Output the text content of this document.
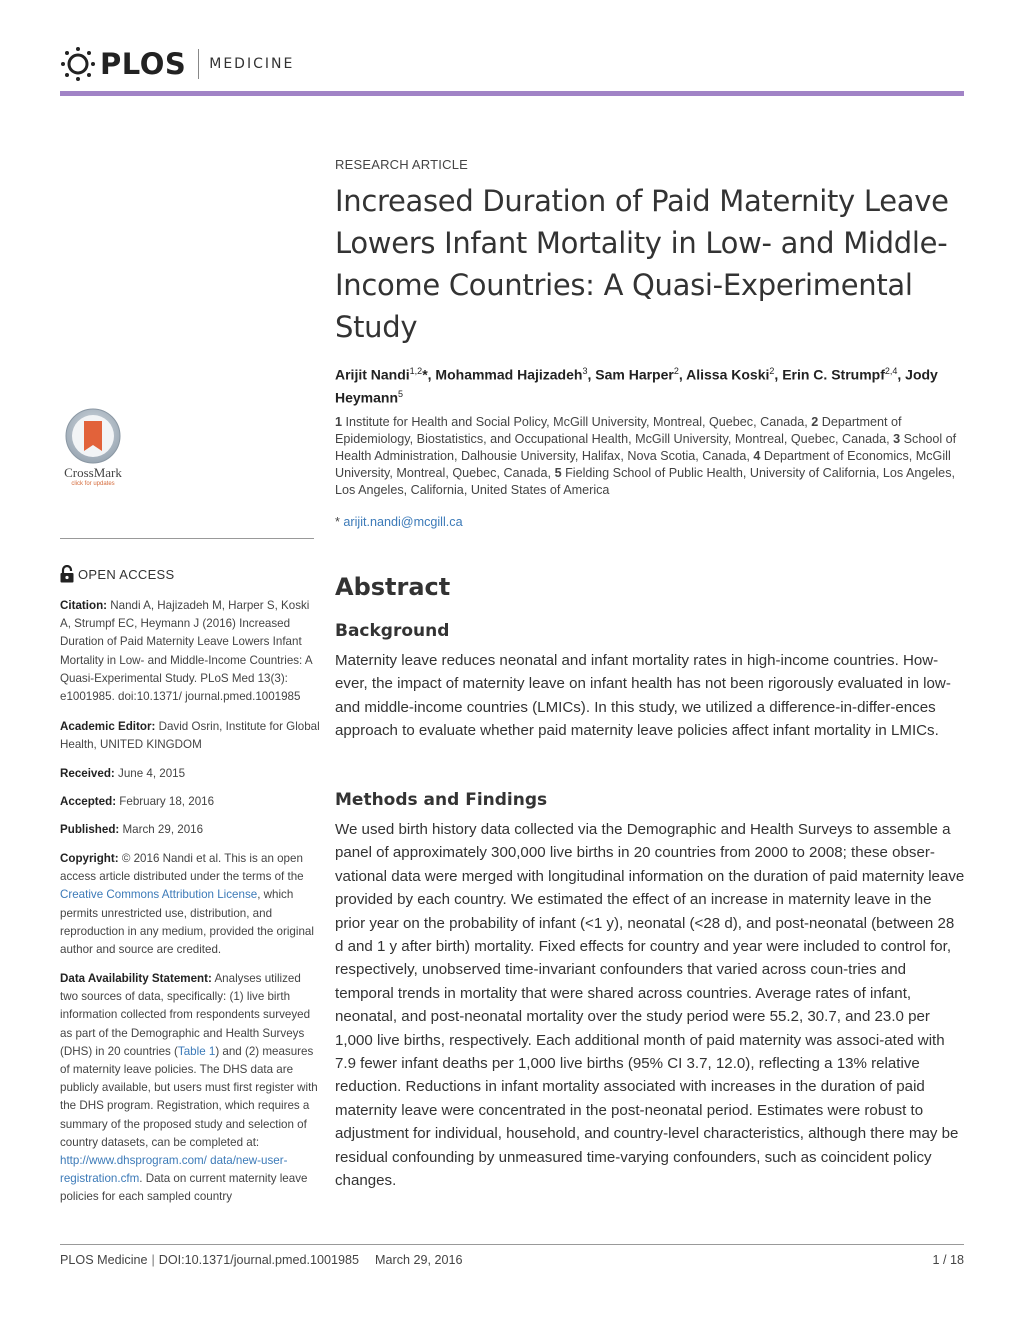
PLOS MEDICINE
CrossMark
click for updates
OPEN ACCESS
Citation: Nandi A, Hajizadeh M, Harper S, Koski A, Strumpf EC, Heymann J (2016) Increased Duration of Paid Maternity Leave Lowers Infant Mortality in Low- and Middle-Income Countries: A Quasi-Experimental Study. PLoS Med 13(3): e1001985. doi:10.1371/ journal.pmed.1001985
Academic Editor: David Osrin, Institute for Global Health, UNITED KINGDOM
Received: June 4, 2015
Accepted: February 18, 2016
Published: March 29, 2016
Copyright: © 2016 Nandi et al. This is an open access article distributed under the terms of the Creative Commons Attribution License, which permits unrestricted use, distribution, and reproduction in any medium, provided the original author and source are credited.
Data Availability Statement: Analyses utilized two sources of data, specifically: (1) live birth information collected from respondents surveyed as part of the Demographic and Health Surveys (DHS) in 20 countries (Table 1) and (2) measures of maternity leave policies. The DHS data are publicly available, but users must first register with the DHS program. Registration, which requires a summary of the proposed study and selection of country datasets, can be completed at: http://www.dhsprogram.com/ data/new-user-registration.cfm. Data on current maternity leave policies for each sampled country
RESEARCH ARTICLE
Increased Duration of Paid Maternity Leave Lowers Infant Mortality in Low- and Middle-Income Countries: A Quasi-Experimental Study
Arijit Nandi$^{1,2}$*, Mohammad Hajizadeh$^3$, Sam Harper$^2$, Alissa Koski$^2$, Erin C. Strumpf$^{2,4}$, Jody Heymann$^5$
1 Institute for Health and Social Policy, McGill University, Montreal, Quebec, Canada, 2 Department of Epidemiology, Biostatistics, and Occupational Health, McGill University, Montreal, Quebec, Canada, 3 School of Health Administration, Dalhousie University, Halifax, Nova Scotia, Canada, 4 Department of Economics, McGill University, Montreal, Quebec, Canada, 5 Fielding School of Public Health, University of California, Los Angeles, Los Angeles, California, United States of America
* arijit.nandi@mcgill.ca
Abstract
Background

Maternity leave reduces neonatal and infant mortality rates in high-income countries. How-ever, the impact of maternity leave on infant health has not been rigorously evaluated in low- and middle-income countries (LMICs). In this study, we utilized a difference-in-differ-ences approach to evaluate whether paid maternity leave policies affect infant mortality in LMICs.

Methods and Findings

We used birth history data collected via the Demographic and Health Surveys to assemble a panel of approximately 300,000 live births in 20 countries from 2000 to 2008; these obser-vational data were merged with longitudinal information on the duration of paid maternity leave provided by each country. We estimated the effect of an increase in maternity leave in the prior year on the probability of infant (<1 y), neonatal (<28 d), and post-neonatal (between 28 d and 1 y after birth) mortality. Fixed effects for country and year were included to control for, respectively, unobserved time-invariant confounders that varied across coun-tries and temporal trends in mortality that were shared across countries. Average rates of infant, neonatal, and post-neonatal mortality over the study period were 55.2, 30.7, and 23.0 per 1,000 live births, respectively. Each additional month of paid maternity was associ-ated with 7.9 fewer infant deaths per 1,000 live births (95% CI 3.7, 12.0), reflecting a 13% relative reduction. Reductions in infant mortality associated with increases in the duration of paid maternity leave were concentrated in the post-neonatal period. Estimates were robust to adjustment for individual, household, and country-level characteristics, although there may be residual confounding by unmeasured time-varying confounders, such as coincident policy changes.

PLOS Medicine | DOI:10.1371/journal.pmed.1001985 March 29, 2016	1 / 18
